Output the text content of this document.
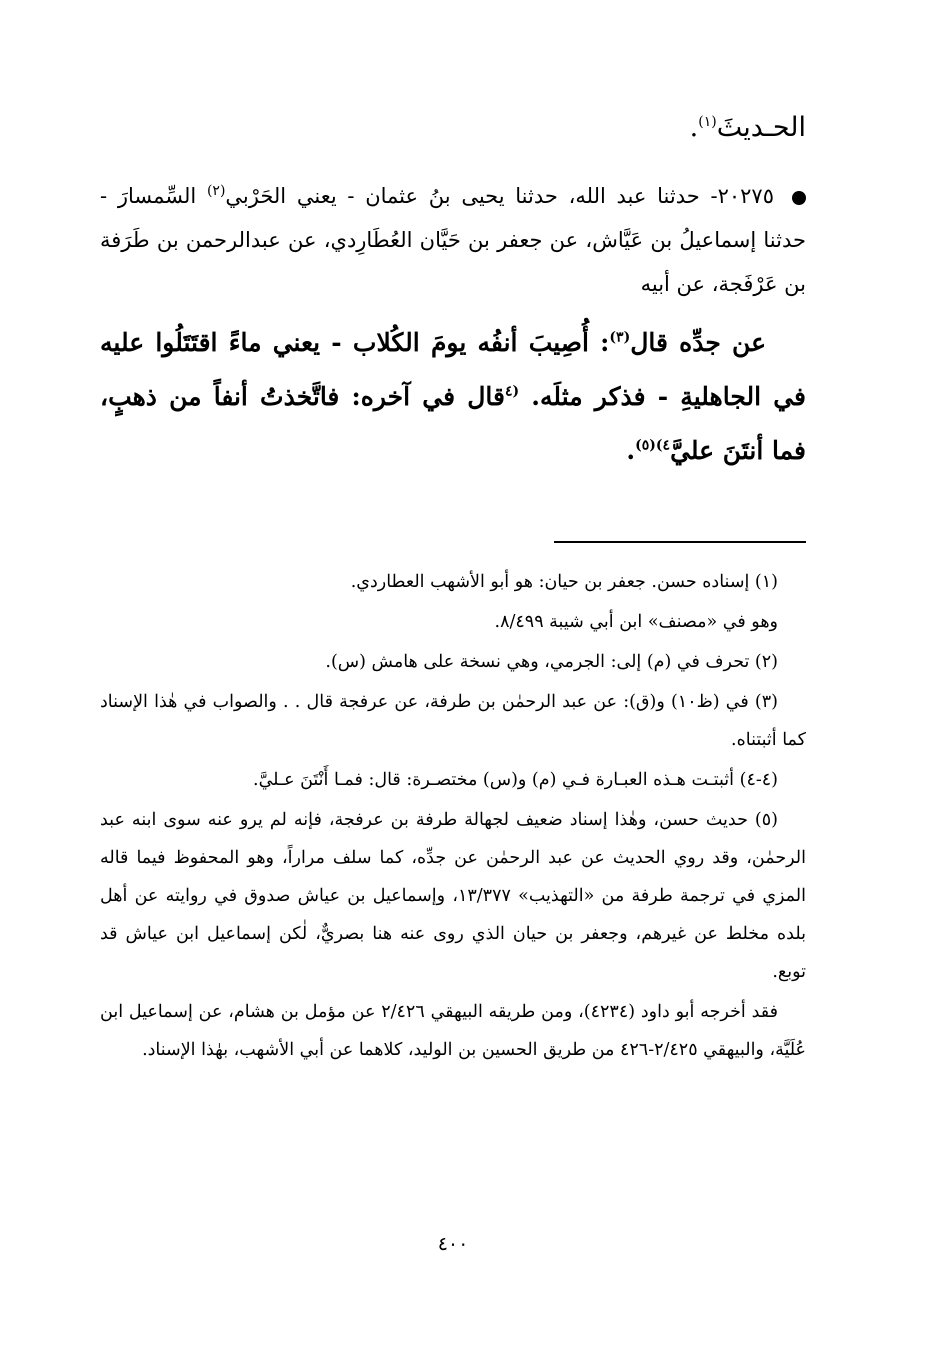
الحـديثَ$^{(١)}$.

٢٠٢٧٥- حدثنا عبد الله، حدثنا يحيى بنُ عثمان - يعني الحَرْبي$^{(٢)}$ السِّمسارَ - حدثنا إسماعيلُ بن عَيَّاش، عن جعفر بن حَيَّان العُطَارِدي، عن عبدالرحمن بن طَرَفة بن عَرْفَجة، عن أبيه

عن جدِّه قال$^{(٣)}$: أُصِيبَ أنفُه يومَ الكُلاب - يعني ماءً اقتَتَلُوا عليه في الجاهليةِ - فذكر مثلَه. $^{(٤}$قال في آخره: فاتَّخذتُ أنفاً من ذهبٍ، فما أنتَنَ عليَّ$^{٤)(٥)}$.

(١) إسناده حسن. جعفر بن حيان: هو أبو الأشهب العطاردي.

وهو في «مصنف» ابن أبي شيبة ٨/٤٩٩.

(٢) تحرف في (م) إلى: الجرمي، وهي نسخة على هامش (س).

(٣) في (ظ١٠) و(ق): عن عبد الرحمٰن بن طرفة، عن عرفجة قال . . والصواب في هٰذا الإسناد كما أثبتناه.

(٤-٤) أثبتـت هـذه العبـارة فـي (م) و(س) مختصـرة: قال: فمـا أَنْتَنَ عـليَّ.

(٥) حديث حسن، وهٰذا إسناد ضعيف لجهالة طرفة بن عرفجة، فإنه لم يرو عنه سوى ابنه عبد الرحمٰن، وقد روي الحديث عن عبد الرحمٰن عن جدِّه، كما سلف مراراً، وهو المحفوظ فيما قاله المزي في ترجمة طرفة من «التهذيب» ١٣/٣٧٧، وإسماعيل بن عياش صدوق في روايته عن أهل بلده مخلط عن غيرهم، وجعفر بن حيان الذي روى عنه هنا بصريٌّ، لٰكن إسماعيل ابن عياش قد توبع.

فقد أخرجه أبو داود (٤٢٣٤)، ومن طريقه البيهقي ٢/٤٢٦ عن مؤمل بن هشام، عن إسماعيل ابن عُلَيَّة، والبيهقي ٢/٤٢٥-٤٢٦ من طريق الحسين بن الوليد، كلاهما عن أبي الأشهب، بهٰذا الإسناد.

٤٠٠
